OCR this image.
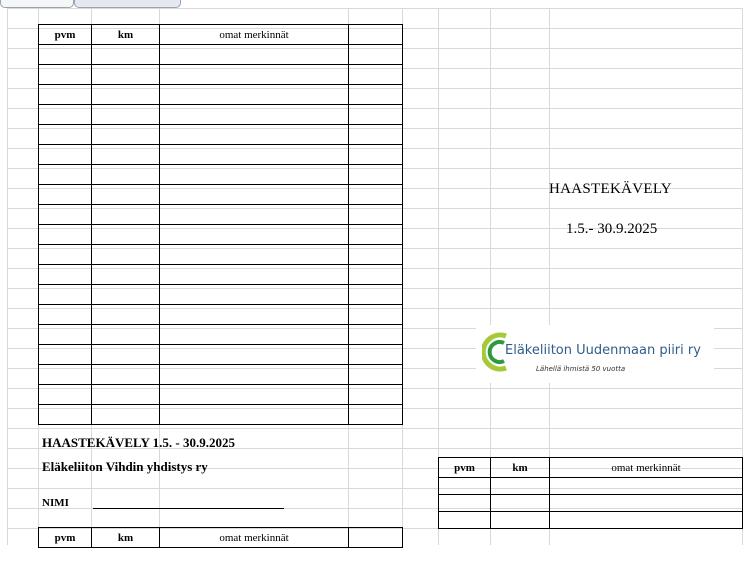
pvm	km	omat merkinnät	

HAASTEKÄVELY
1.5.- 30.9.2025
Eläkeliiton Uudenmaan piiri ry
Lähellä ihmistä 50 vuotta
HAASTEKÄVELY 1.5. - 30.9.2025
Eläkeliiton Vihdin yhdistys ry
NIMI
pvm	km	omat merkinnät	
pvm	km	omat merkinnät
